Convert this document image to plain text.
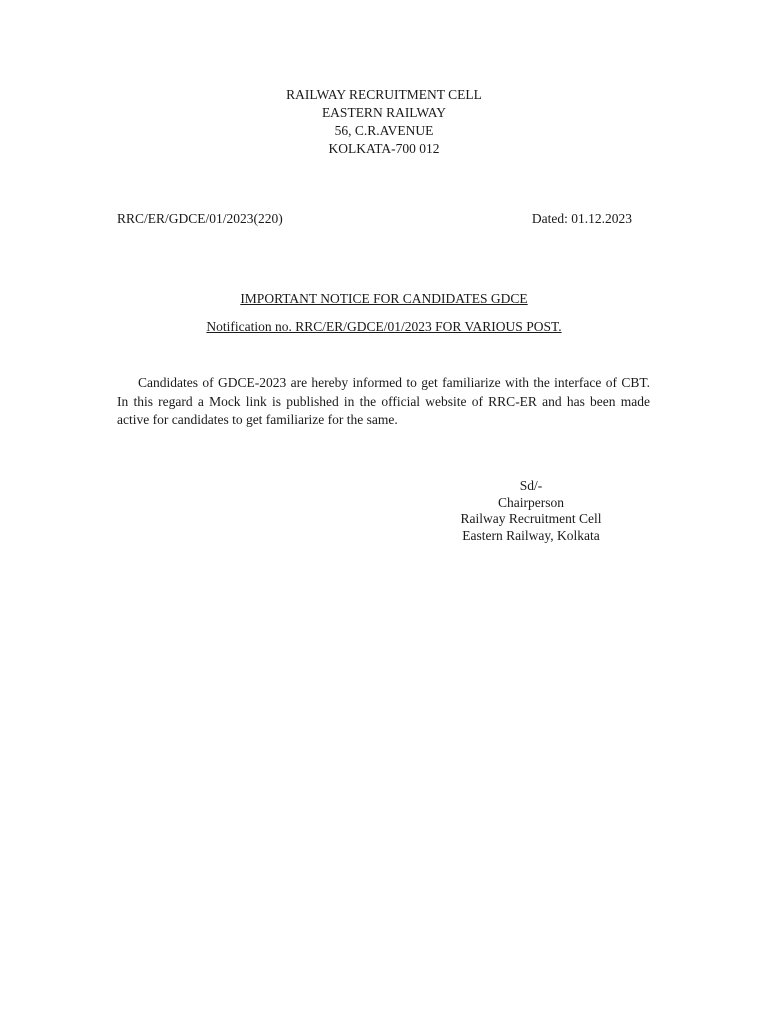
RAILWAY RECRUITMENT CELL
EASTERN RAILWAY
56, C.R.AVENUE
KOLKATA-700 012
RRC/ER/GDCE/01/2023(220)	Dated: 01.12.2023
IMPORTANT NOTICE FOR CANDIDATES GDCE
Notification no. RRC/ER/GDCE/01/2023 FOR VARIOUS POST.

Candidates of GDCE-2023 are hereby informed to get familiarize with the interface of CBT. In this regard a Mock link is published in the official website of RRC-ER and has been made active for candidates to get familiarize for the same.

Sd/-
Chairperson
Railway Recruitment Cell
Eastern Railway, Kolkata
